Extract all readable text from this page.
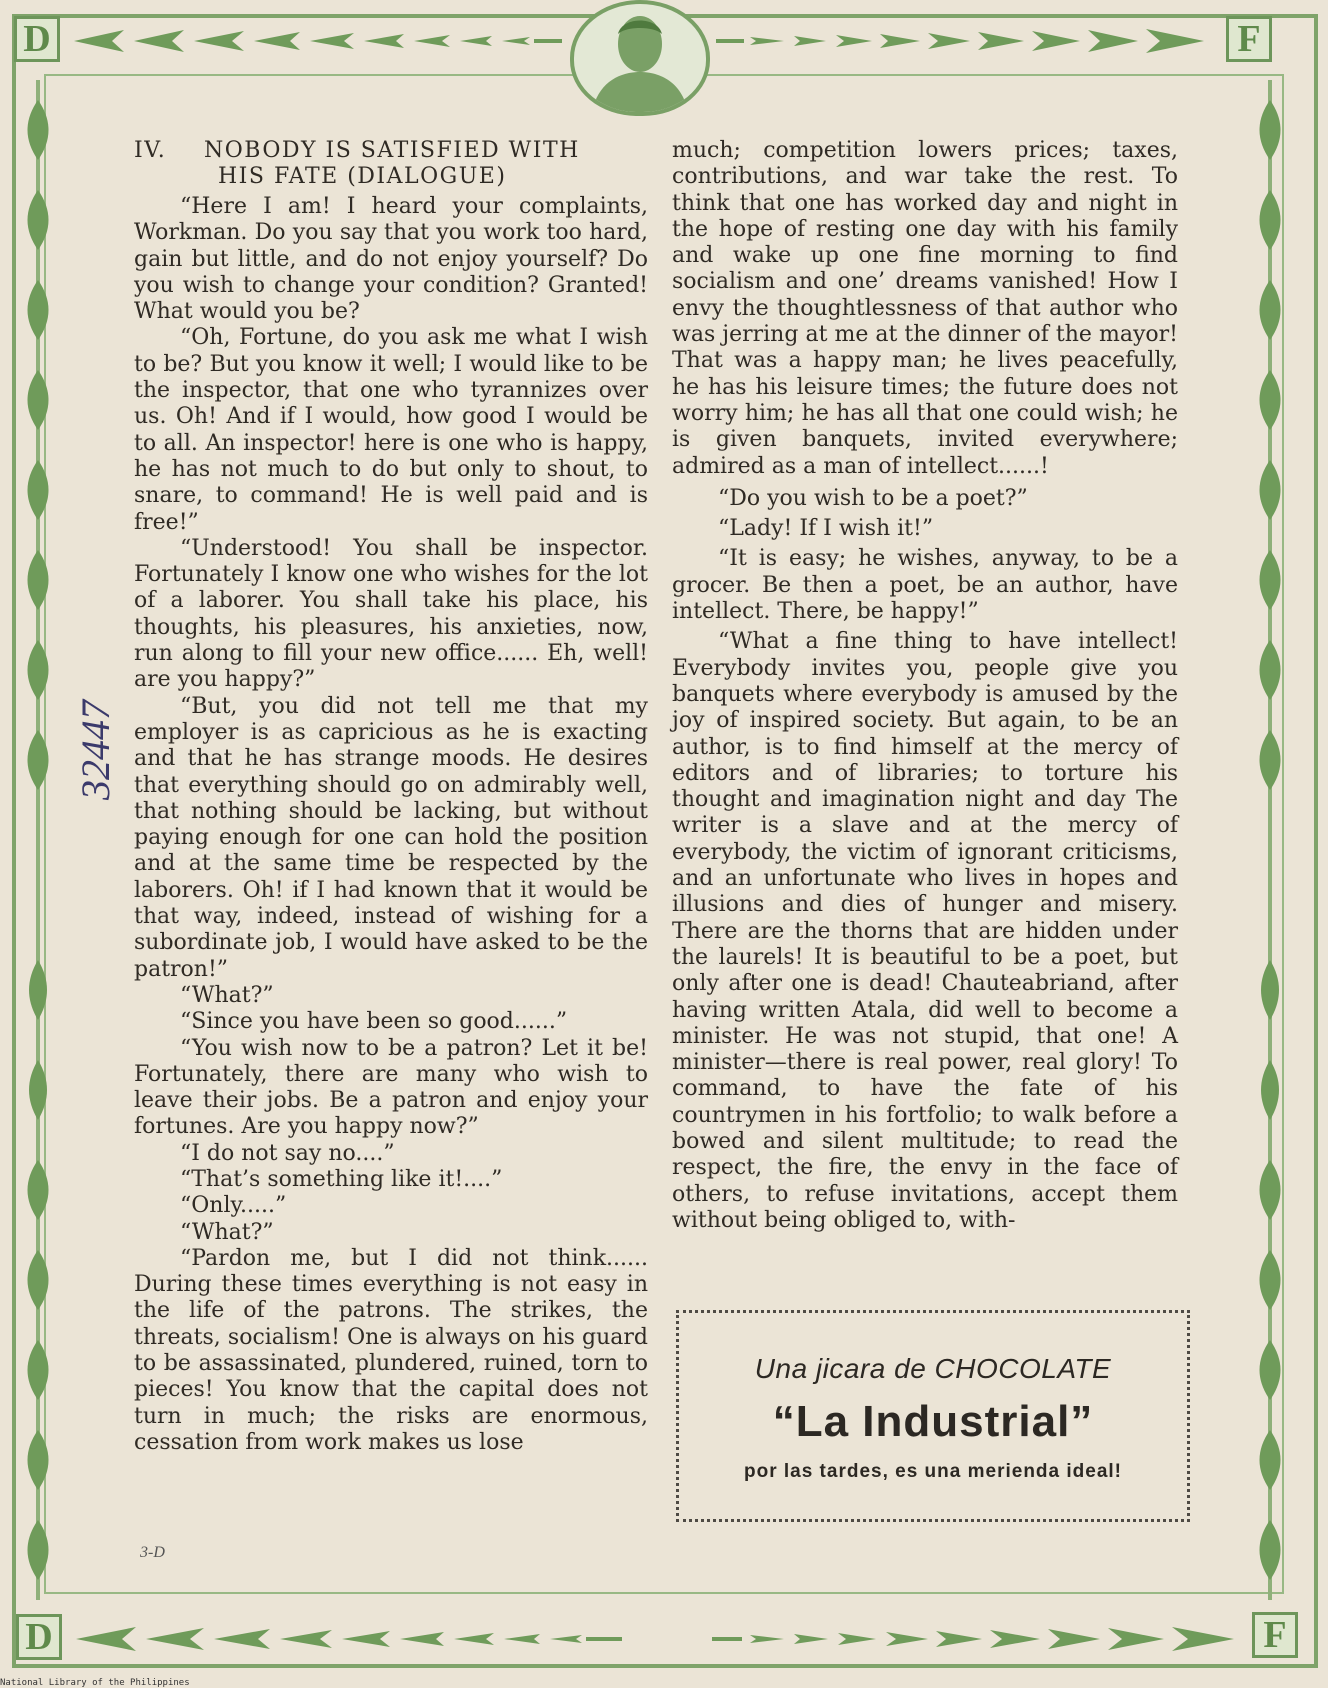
D	F
D	F
32447
IV. NOBODY IS SATISFIED WITH
HIS FATE (DIALOGUE)

“Here I am! I heard your complaints, Workman. Do you say that you work too hard, gain but little, and do not enjoy yourself? Do you wish to change your condition? Granted! What would you be?

“Oh, Fortune, do you ask me what I wish to be? But you know it well; I would like to be the inspector, that one who tyrannizes over us. Oh! And if I would, how good I would be to all. An inspector! here is one who is happy, he has not much to do but only to shout, to snare, to command! He is well paid and is free!”

“Understood! You shall be inspector. Fortunately I know one who wishes for the lot of a laborer. You shall take his place, his thoughts, his pleasures, his anxieties, now, run along to fill your new office...... Eh, well! are you happy?”

“But, you did not tell me that my employer is as capricious as he is exacting and that he has strange moods. He desires that everything should go on admirably well, that nothing should be lacking, but without paying enough for one can hold the position and at the same time be respected by the laborers. Oh! if I had known that it would be that way, indeed, instead of wishing for a subordinate job, I would have asked to be the patron!”

“What?”

“Since you have been so good......”

“You wish now to be a patron? Let it be! Fortunately, there are many who wish to leave their jobs. Be a patron and enjoy your fortunes. Are you happy now?”

“I do not say no....”

“That’s something like it!....”

“Only.....”

“What?”

“Pardon me, but I did not think...... During these times everything is not easy in the life of the patrons. The strikes, the threats, socialism! One is always on his guard to be assassinated, plundered, ruined, torn to pieces! You know that the capital does not turn in much; the risks are enormous, cessation from work makes us lose

much; competition lowers prices; taxes, contributions, and war take the rest. To think that one has worked day and night in the hope of resting one day with his family and wake up one fine morning to find socialism and one’ dreams vanished! How I envy the thoughtlessness of that author who was jerring at me at the dinner of the mayor! That was a happy man; he lives peacefully, he has his leisure times; the future does not worry him; he has all that one could wish; he is given banquets, invited everywhere; admired as a man of intellect......!

“Do you wish to be a poet?”

“Lady! If I wish it!”

“It is easy; he wishes, anyway, to be a grocer. Be then a poet, be an author, have intellect. There, be happy!”

“What a fine thing to have intellect! Everybody invites you, people give you banquets where everybody is amused by the joy of inspired society. But again, to be an author, is to find himself at the mercy of editors and of libraries; to torture his thought and imagination night and day The writer is a slave and at the mercy of everybody, the victim of ignorant criticisms, and an unfortunate who lives in hopes and illusions and dies of hunger and misery. There are the thorns that are hidden under the laurels! It is beautiful to be a poet, but only after one is dead! Chauteabriand, after having written Atala, did well to become a minister. He was not stupid, that one! A minister—there is real power, real glory! To command, to have the fate of his countrymen in his fortfolio; to walk before a bowed and silent multitude; to read the respect, the fire, the envy in the face of others, to refuse invitations, accept them without being obliged to, with-

Una jicara de CHOCOLATE
“La Industrial”
por las tardes, es una merienda ideal!
3-D
National Library of the Philippines
